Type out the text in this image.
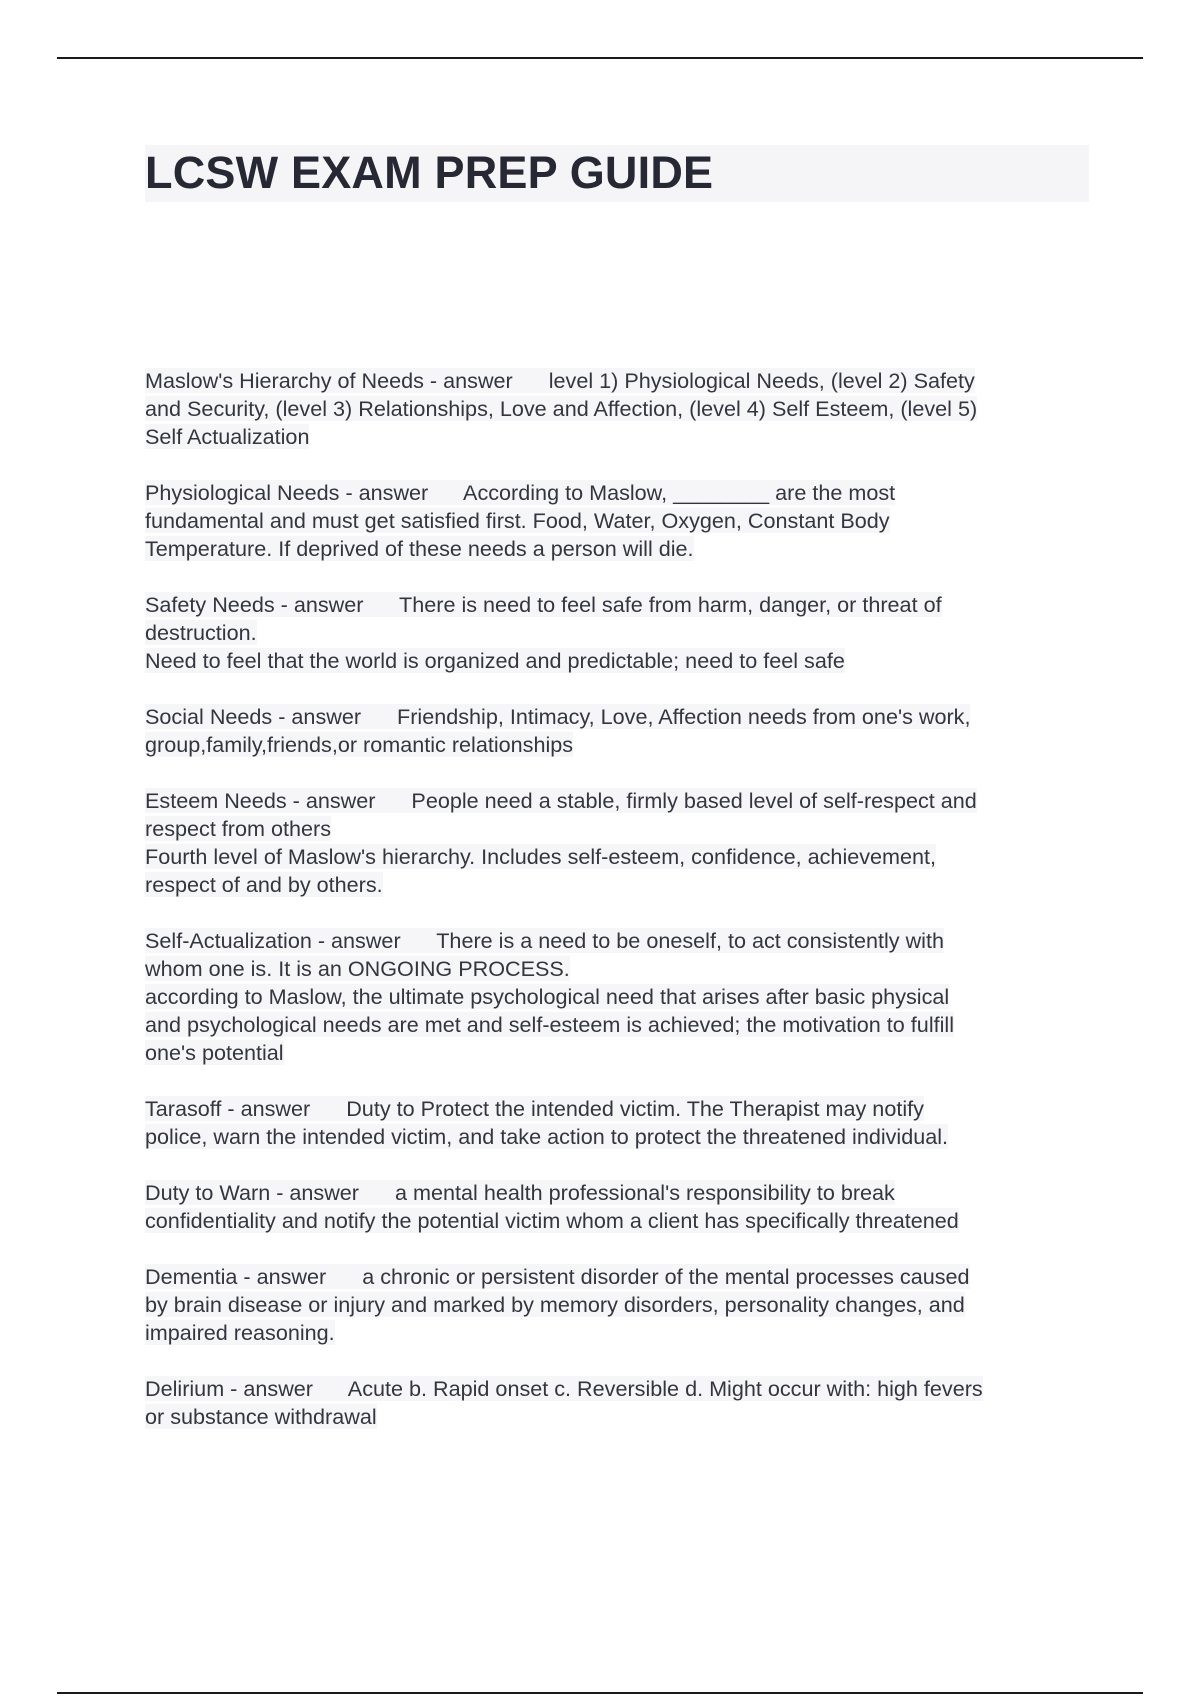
LCSW EXAM PREP GUIDE
Maslow's Hierarchy of Needs - answer      level 1) Physiological Needs, (level 2) Safety
and Security, (level 3) Relationships, Love and Affection, (level 4) Self Esteem, (level 5)
Self Actualization
Physiological Needs - answer      According to Maslow, ________ are the most
fundamental and must get satisfied first. Food, Water, Oxygen, Constant Body
Temperature. If deprived of these needs a person will die.
Safety Needs - answer      There is need to feel safe from harm, danger, or threat of
destruction.
Need to feel that the world is organized and predictable; need to feel safe
Social Needs - answer      Friendship, Intimacy, Love, Affection needs from one's work,
group,family,friends,or romantic relationships
Esteem Needs - answer      People need a stable, firmly based level of self-respect and
respect from others
Fourth level of Maslow's hierarchy. Includes self-esteem, confidence, achievement,
respect of and by others.
Self-Actualization - answer      There is a need to be oneself, to act consistently with
whom one is. It is an ONGOING PROCESS.
according to Maslow, the ultimate psychological need that arises after basic physical
and psychological needs are met and self-esteem is achieved; the motivation to fulfill
one's potential
Tarasoff - answer      Duty to Protect the intended victim. The Therapist may notify
police, warn the intended victim, and take action to protect the threatened individual.
Duty to Warn - answer      a mental health professional's responsibility to break
confidentiality and notify the potential victim whom a client has specifically threatened
Dementia - answer      a chronic or persistent disorder of the mental processes caused
by brain disease or injury and marked by memory disorders, personality changes, and
impaired reasoning.
Delirium - answer      Acute b. Rapid onset c. Reversible d. Might occur with: high fevers
or substance withdrawal
